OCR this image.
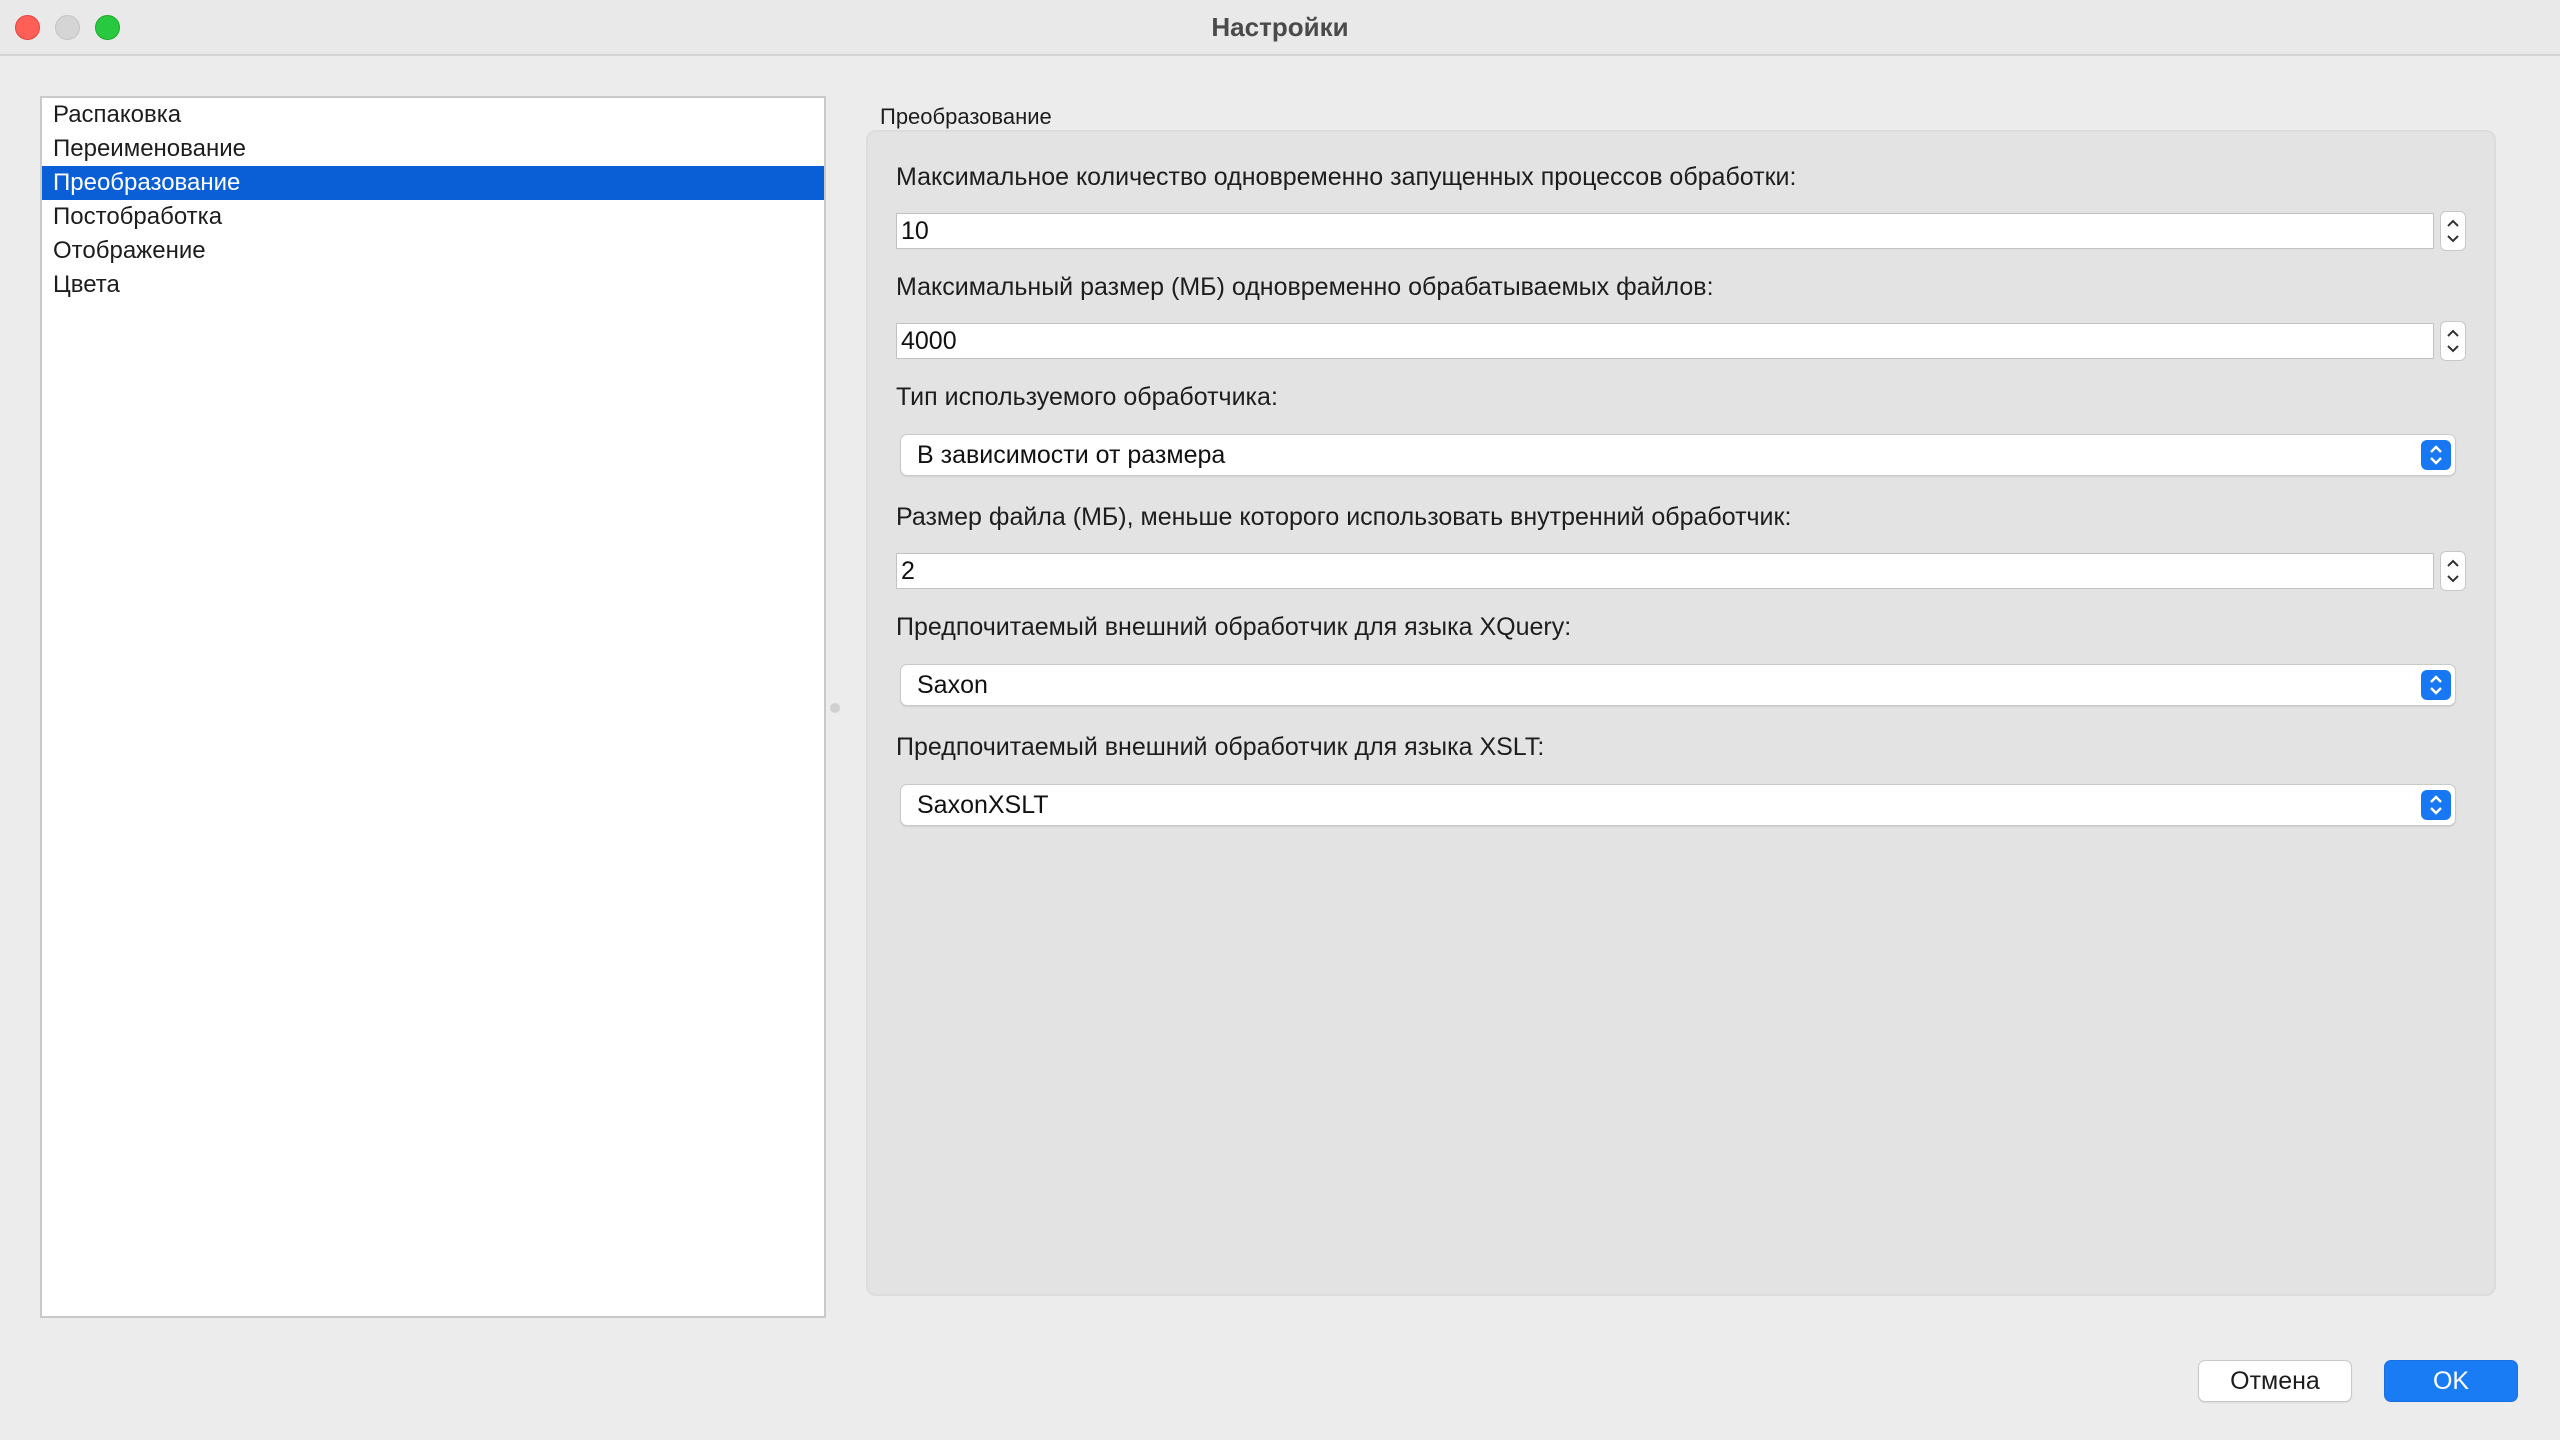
Настройки
Распаковка
Переименование
Преобразование
Постобработка
Отображение
Цвета
Преобразование
Максимальное количество одновременно запущенных процессов обработки:
10
Максимальный размер (МБ) одновременно обрабатываемых файлов:
4000
Тип используемого обработчика:
В зависимости от размера
Размер файла (МБ), меньше которого использовать внутренний обработчик:
2
Предпочитаемый внешний обработчик для языка XQuery:
Saxon
Предпочитаемый внешний обработчик для языка XSLT:
SaxonXSLT
Отмена	OK
